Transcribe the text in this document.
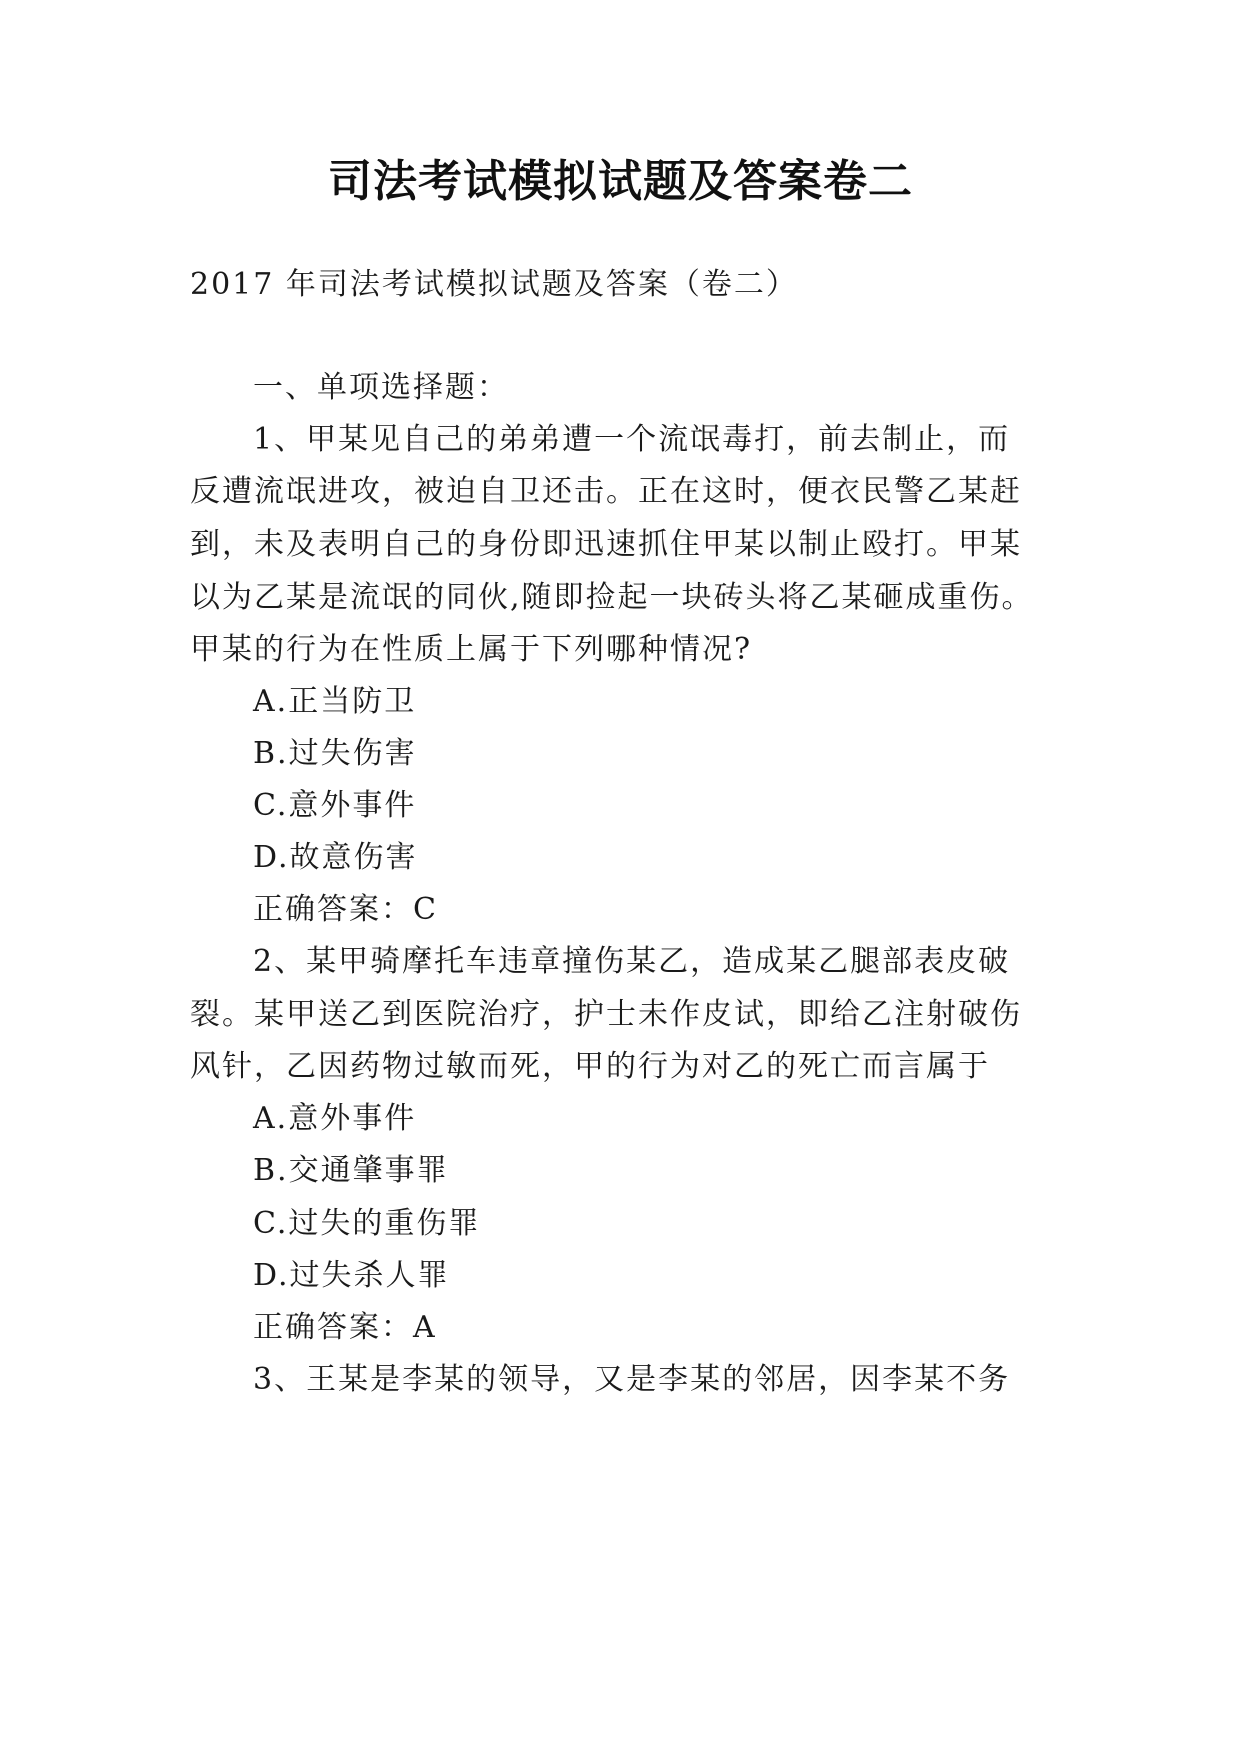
司法考试模拟试题及答案卷二
2017 年司法考试模拟试题及答案（卷二）
一、单项选择题：
1、甲某见自己的弟弟遭一个流氓毒打，前去制止，而
反遭流氓进攻，被迫自卫还击。正在这时，便衣民警乙某赶
到，未及表明自己的身份即迅速抓住甲某以制止殴打。甲某
以为乙某是流氓的同伙,随即捡起一块砖头将乙某砸成重伤。
甲某的行为在性质上属于下列哪种情况?
A.正当防卫
B.过失伤害
C.意外事件
D.故意伤害
正确答案：C
2、某甲骑摩托车违章撞伤某乙，造成某乙腿部表皮破
裂。某甲送乙到医院治疗，护士未作皮试，即给乙注射破伤
风针，乙因药物过敏而死，甲的行为对乙的死亡而言属于
A.意外事件
B.交通肇事罪
C.过失的重伤罪
D.过失杀人罪
正确答案：A
3、王某是李某的领导，又是李某的邻居，因李某不务
